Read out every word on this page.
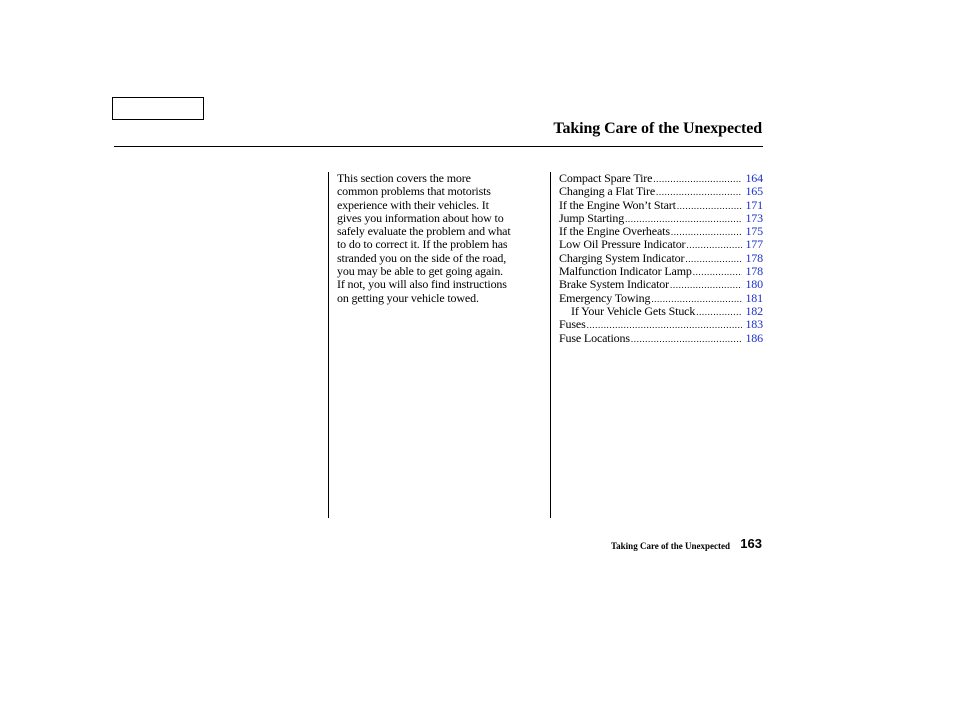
Taking Care of the Unexpected

This section covers the more
common problems that motorists
experience with their vehicles. It
gives you information about how to
safely evaluate the problem and what
to do to correct it. If the problem has
stranded you on the side of the road,
you may be able to get going again.
If not, you will also find instructions
on getting your vehicle towed.

Compact Spare Tire .....	164
Changing a Flat Tire .....	165
If the Engine Won’t Start .....	171
Jump Starting .....	173
If the Engine Overheats .....	175
Low Oil Pressure Indicator .....	177
Charging System Indicator .....	178
Malfunction Indicator Lamp .....	178
Brake System Indicator .....	180
Emergency Towing .....	181
If Your Vehicle Gets Stuck .....	182
Fuses .....	183
Fuse Locations .....	186
Taking Care of the Unexpected 163
